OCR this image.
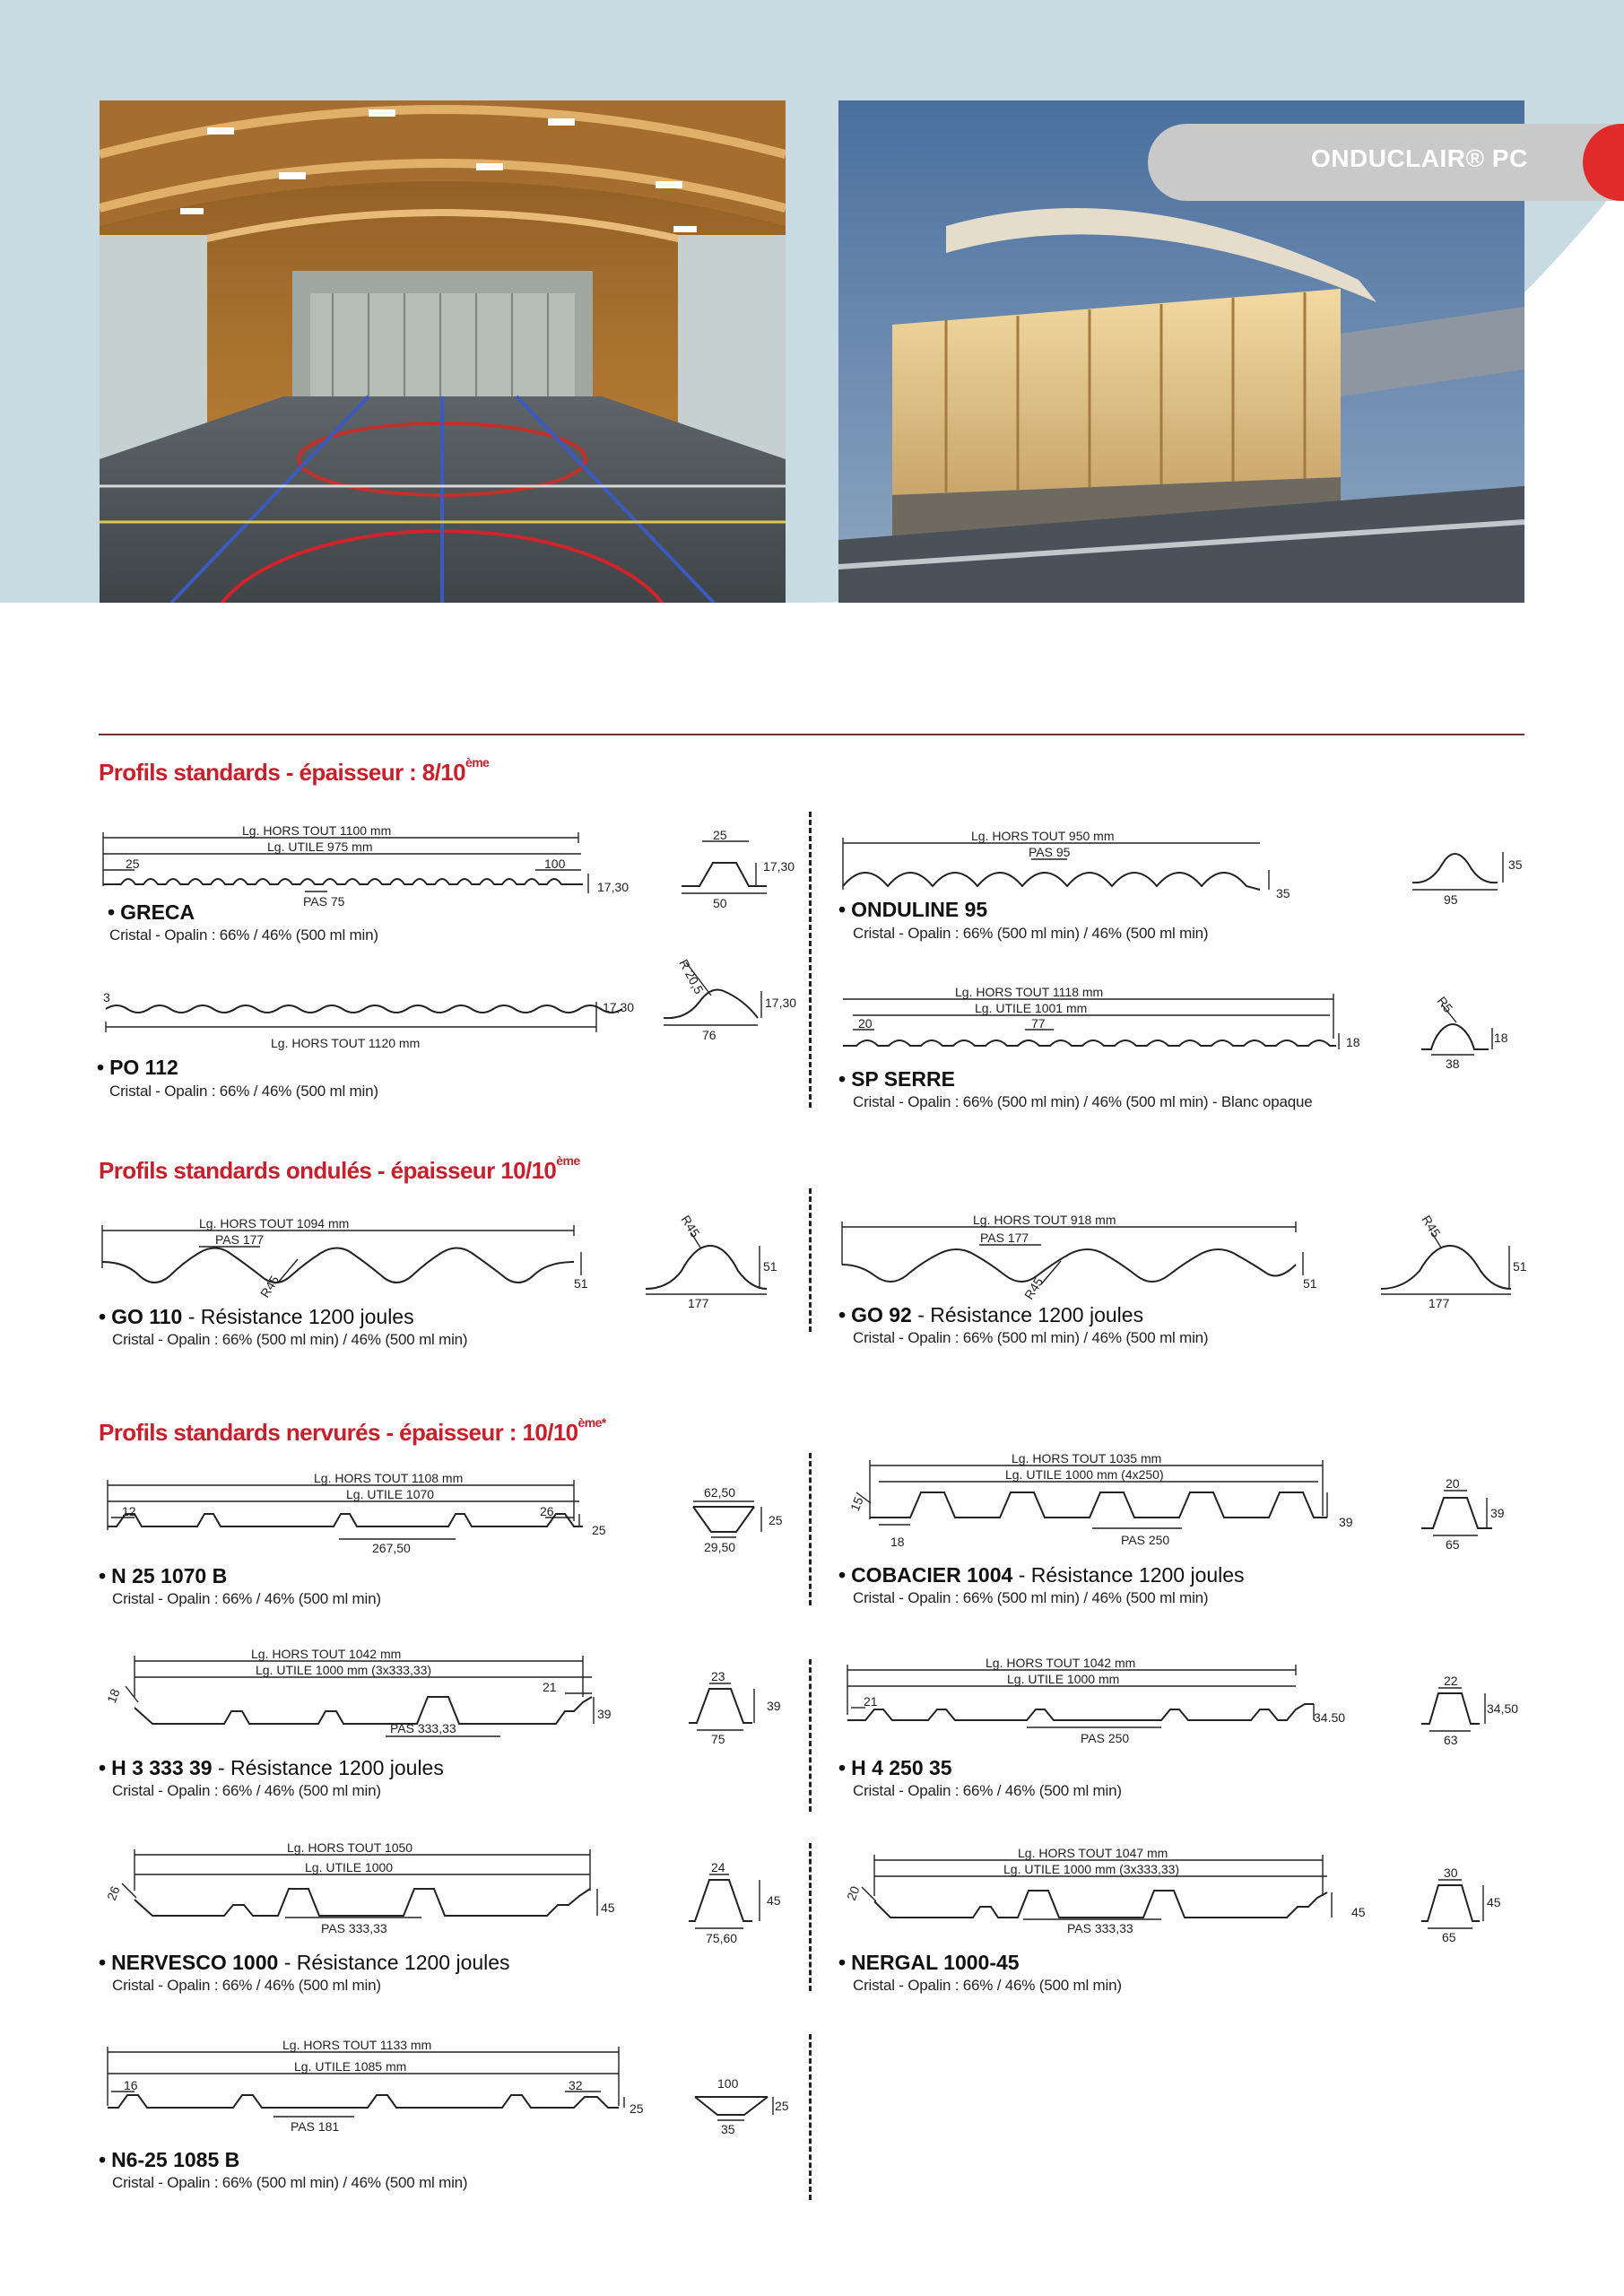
ONDUCLAIR® PC
Profils standards - épaisseur : 8/10ème
Profils standards ondulés - épaisseur 10/10ème
Profils standards nervurés - épaisseur : $10/10^{ème*}$
• GRECA
Cristal - Opalin : 66% / 46% (500 ml min)
• ONDULINE 95
Cristal - Opalin : 66% (500 ml min) / 46% (500 ml min)
• PO 112
Cristal - Opalin : 66% / 46% (500 ml min)
• SP SERRE
Cristal - Opalin : 66% (500 ml min) / 46% (500 ml min) - Blanc opaque
• GO 110 - Résistance 1200 joules
Cristal - Opalin : 66% (500 ml min) / 46% (500 ml min)
• GO 92 - Résistance 1200 joules
Cristal - Opalin : 66% (500 ml min) / 46% (500 ml min)
• N 25 1070 B
Cristal - Opalin : 66% / 46% (500 ml min)
• COBACIER 1004 - Résistance 1200 joules
Cristal - Opalin : 66% (500 ml min) / 46% (500 ml min)
• H 3 333 39 - Résistance 1200 joules
Cristal - Opalin : 66% / 46% (500 ml min)
• H 4 250 35
Cristal - Opalin : 66% / 46% (500 ml min)
• NERVESCO 1000 - Résistance 1200 joules
Cristal - Opalin : 66% / 46% (500 ml min)
• NERGAL 1000-45
Cristal - Opalin : 66% / 46% (500 ml min)
• N6-25 1085 B
Cristal - Opalin : 66% (500 ml min) / 46% (500 ml min)
Lg. HORS TOUT 1100 mm
Lg. UTILE 975 mm
25	100
PAS 75
17,30
25
50
17,30
Lg. HORS TOUT 950 mm
PAS 95
35	95
35
3
Lg. HORS TOUT 1120 mm
17,30
R 20,5
76
17,30
Lg. HORS TOUT 1118 mm
Lg. UTILE 1001 mm
20	77
18
R5
38
18
Lg. HORS TOUT 1094 mm
PAS 177
R45	51
R45
177
51
Lg. HORS TOUT 918 mm
PAS 177
R45	51
R45
177
51
Lg. HORS TOUT 1108 mm
Lg. UTILE 1070
12	26
267,50
25
62,50
29,50
25
Lg. HORS TOUT 1035 mm
Lg. UTILE 1000 mm (4x250)
15
18	PAS 250
39
20
65
39
Lg. HORS TOUT 1042 mm
Lg. UTILE 1000 mm (3x333,33)
18	21
PAS 333,33
39
23
75
39
Lg. HORS TOUT 1042 mm
Lg. UTILE 1000 mm
21
PAS 250
34.50
22
63
34,50
Lg. HORS TOUT 1050
Lg. UTILE 1000
26
PAS 333,33
45
24
75,60
45
Lg. HORS TOUT 1047 mm
Lg. UTILE 1000 mm (3x333,33)
20
PAS 333,33
45
30
65
45
Lg. HORS TOUT 1133 mm
Lg. UTILE 1085 mm
16	32
PAS 181
25
100
35
25
